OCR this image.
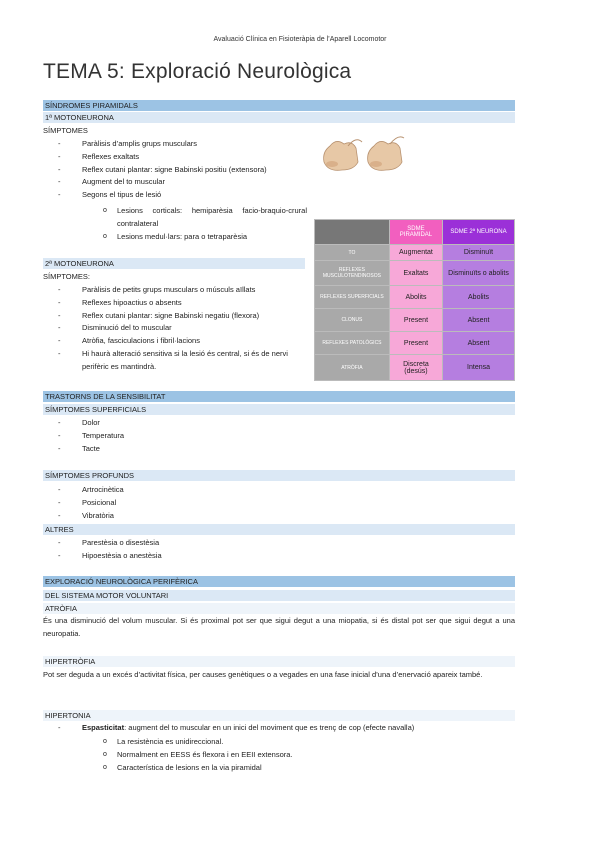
Avaluació Clínica en Fisioteràpia de l’Aparell Locomotor
TEMA 5: Exploració Neurològica
SÍNDROMES PIRAMIDALS
1ª MOTONEURONA
SÍMPTOMES
-	Paràlisis d’amplis grups musculars
-	Reflexes exaltats
-	Reflex cutani plantar: signe Babinski positiu (extensora)
-	Augment del to muscular
-	Segons el tipus de lesió
o Lesions corticals: hemiparèsia facio-braquio-crural contralateral
o Lesions medul·lars: para o tetraparèsia
	SDME PIRAMIDAL	SDME 2ª NEURONA
TO	Augmentat	Disminuït
REFLEXES MUSCULOTENDINOSOS	Exaltats	Disminuïts o abolits
REFLEXES SUPERFICIALS	Abolits	Abolits
CLONUS	Present	Absent
REFLEXES PATOLÒGICS	Present	Absent
ATRÒFIA	Discreta (desús)	Intensa
2ª MOTONEURONA
SÍMPTOMES:
-	Paràlisis de petits grups musculars o músculs aïllats
-	Reflexes hipoactius o absents
-	Reflex cutani plantar: signe Babinski negatiu (flexora)
-	Disminució del to muscular
-	Atròfia, fasciculacions i fibril·lacions
-	Hi haurà alteració sensitiva si la lesió és central, si és de nervi perifèric es mantindrà.
TRASTORNS DE LA SENSIBILITAT
SÍMPTOMES SUPERFICIALS
-	Dolor
-	Temperatura
-	Tacte
SÍMPTOMES PROFUNDS
-	Artrocinètica
-	Posicional
-	Vibratòria
ALTRES
-	Parestèsia o disestèsia
-	Hipoestèsia o anestèsia
EXPLORACIÓ NEUROLÒGICA PERIFÈRICA
DEL SISTEMA MOTOR VOLUNTARI
ATRÒFIA
És una disminució del volum muscular. Si és proximal pot ser que sigui degut a una miopatia, si és distal pot ser que sigui degut a una neuropatia.
HIPERTRÒFIA
Pot ser deguda a un excés d’activitat física, per causes genètiques o a vegades en una fase inicial d’una d’enervació apareix també.
HIPERTONIA
-	Espasticitat: augment del to muscular en un inici del moviment que es trenç de cop (efecte navalla)
o La resistència es unidireccional.
o Normalment en EESS és flexora i en EEII extensora.
o Característica de lesions en la via piramidal
